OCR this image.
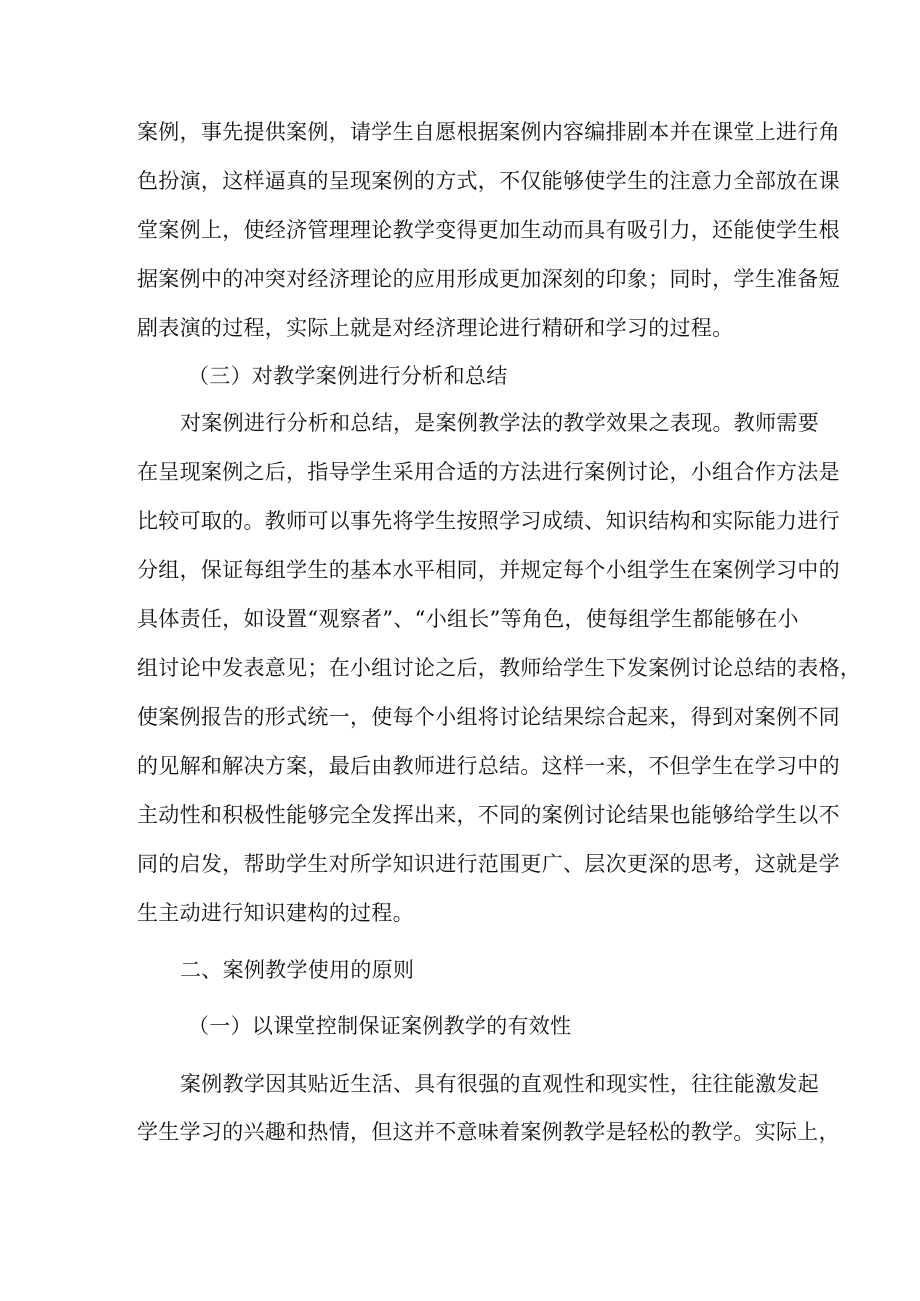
案例，事先提供案例，请学生自愿根据案例内容编排剧本并在课堂上进行角
色扮演，这样逼真的呈现案例的方式，不仅能够使学生的注意力全部放在课
堂案例上，使经济管理理论教学变得更加生动而具有吸引力，还能使学生根
据案例中的冲突对经济理论的应用形成更加深刻的印象；同时，学生准备短
剧表演的过程，实际上就是对经济理论进行精研和学习的过程。
（三）对教学案例进行分析和总结
对案例进行分析和总结，是案例教学法的教学效果之表现。教师需要
在呈现案例之后，指导学生采用合适的方法进行案例讨论，小组合作方法是
比较可取的。教师可以事先将学生按照学习成绩、知识结构和实际能力进行
分组，保证每组学生的基本水平相同，并规定每个小组学生在案例学习中的
具体责任，如设置“观察者”、“小组长”等角色，使每组学生都能够在小
组讨论中发表意见；在小组讨论之后，教师给学生下发案例讨论总结的表格，
使案例报告的形式统一，使每个小组将讨论结果综合起来，得到对案例不同
的见解和解决方案，最后由教师进行总结。这样一来，不但学生在学习中的
主动性和积极性能够完全发挥出来，不同的案例讨论结果也能够给学生以不
同的启发，帮助学生对所学知识进行范围更广、层次更深的思考，这就是学
生主动进行知识建构的过程。
二、案例教学使用的原则
（一）以课堂控制保证案例教学的有效性
案例教学因其贴近生活、具有很强的直观性和现实性，往往能激发起
学生学习的兴趣和热情，但这并不意味着案例教学是轻松的教学。实际上，
